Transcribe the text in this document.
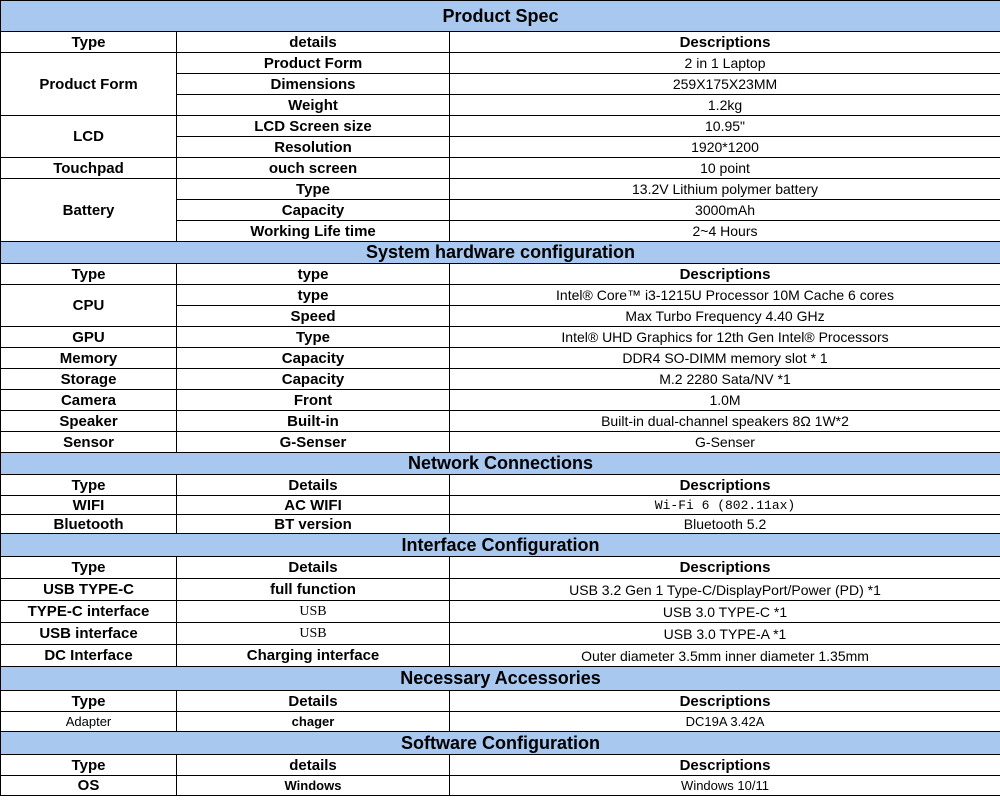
Product Spec		
Type	details	Descriptions
Product Form	Product Form	2 in 1 Laptop
	Dimensions	259X175X23MM
	Weight	1.2kg
LCD	LCD Screen size	10.95"
	Resolution	1920*1200
Touchpad	ouch screen	10 point
Battery	Type	13.2V Lithium polymer battery
	Capacity	3000mAh
	Working Life time	2~4 Hours
System hardware configuration		
Type	type	Descriptions
CPU	type	Intel® Core™ i3-1215U Processor 10M Cache 6 cores
	Speed	Max Turbo Frequency 4.40 GHz
GPU	Type	Intel® UHD Graphics for 12th Gen Intel® Processors
Memory	Capacity	DDR4 SO-DIMM memory slot * 1
Storage	Capacity	M.2 2280 Sata/NV *1
Camera	Front	1.0M
Speaker	Built-in	Built-in dual-channel speakers 8Ω 1W*2
Sensor	G-Senser	G-Senser
Network Connections		
Type	Details	Descriptions
WIFI	AC WIFI	Wi-Fi 6 (802.11ax)
Bluetooth	BT version	Bluetooth 5.2
Interface Configuration		
Type	Details	Descriptions
USB TYPE-C	full function	USB 3.2 Gen 1 Type-C/DisplayPort/Power (PD) *1
TYPE-C interface	USB	USB 3.0 TYPE-C *1
USB interface	USB	USB 3.0 TYPE-A *1
DC Interface	Charging interface	Outer diameter 3.5mm inner diameter 1.35mm
Necessary Accessories		
Type	Details	Descriptions
Adapter	chager	DC19A 3.42A
Software Configuration		
Type	details	Descriptions
OS	Windows	Windows 10/11
